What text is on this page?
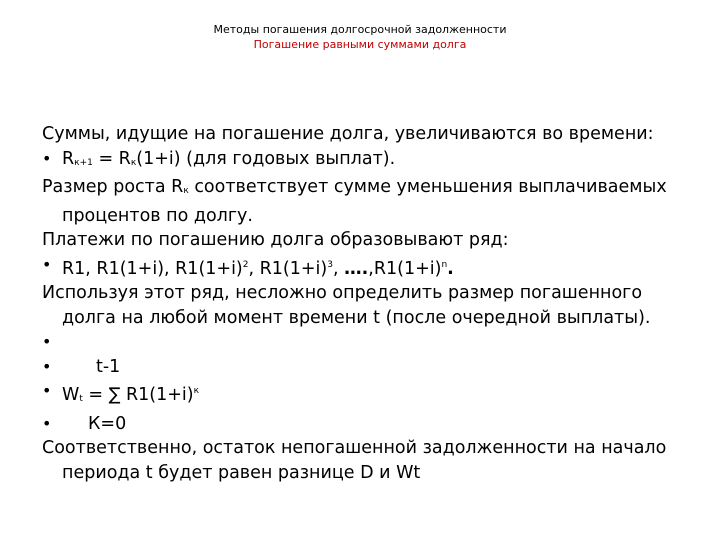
Методы погашения долгосрочной задолженности
Погашение равными суммами долга

Суммы, идущие на погашение долга, увеличиваются во времени:

• Rк+1 = Rк(1+i) (для годовых выплат).

Размер роста Rк соответствует сумме уменьшения выплачиваемых процентов по долгу.

Платежи по погашению долга образовывают ряд:

• R1, R1(1+i), $R1(1+i)^2$, $R1(1+i)^3$, $\dots.,R1(1+i)^n$.

Используя этот ряд, несложно определить размер погашенного долга на любой момент времени t (после очередной выплаты).

•

• t-1

• Wt = ∑ $R1(1+i)^к$

• К=0

Соответственно, остаток непогашенной задолженности на начало периода t будет равен разнице D и Wt
